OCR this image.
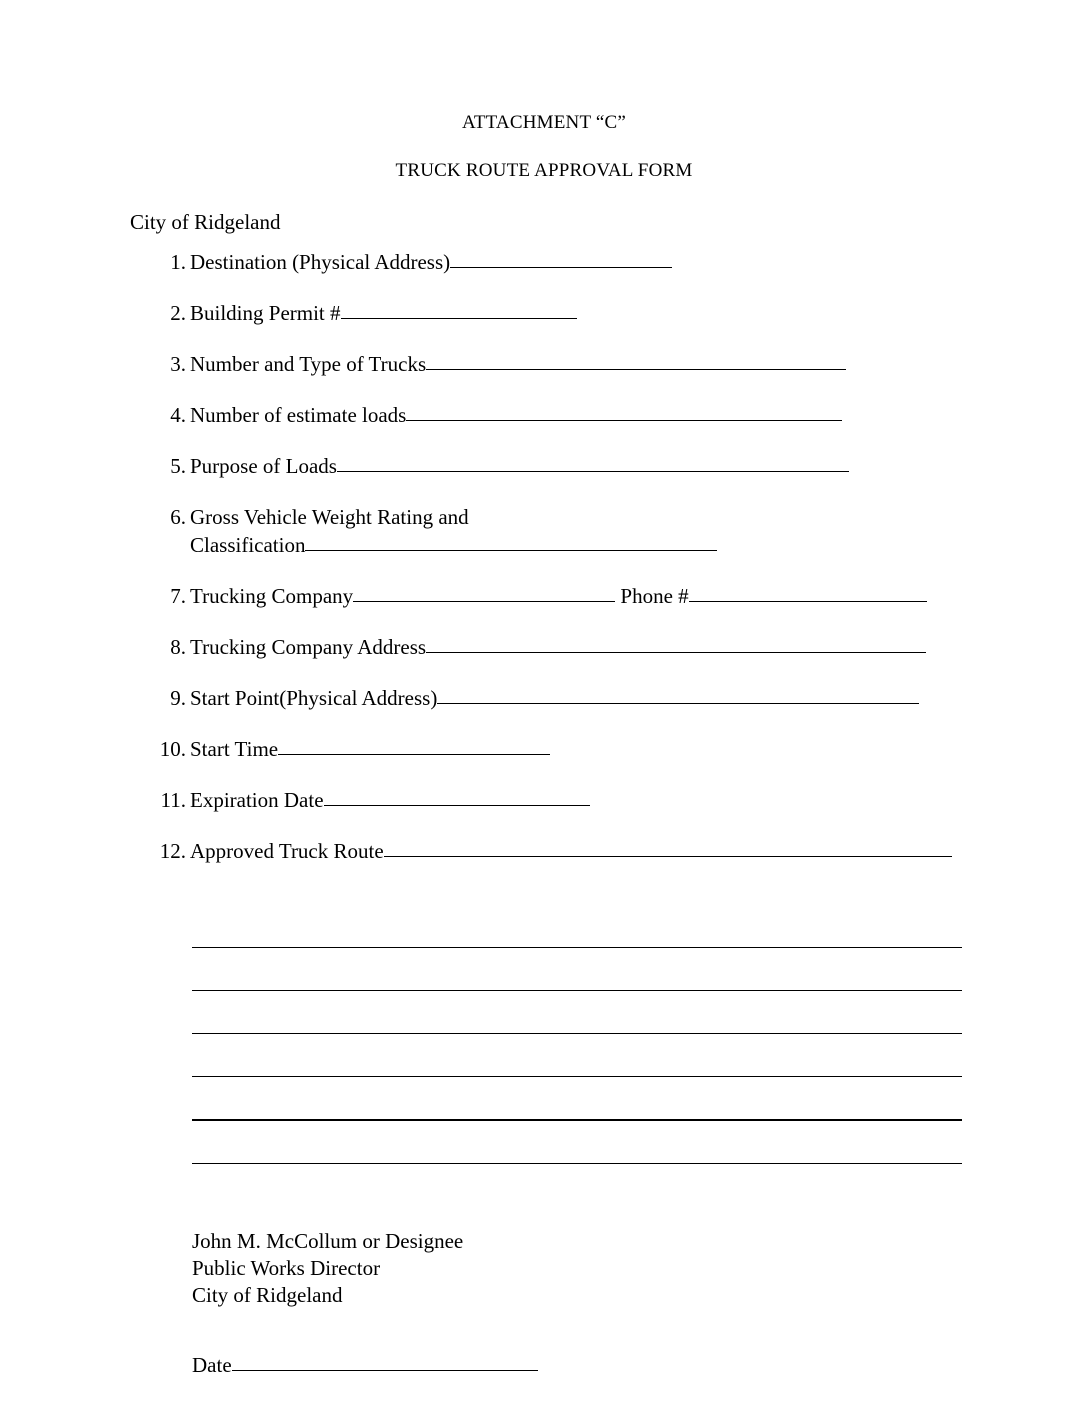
ATTACHMENT “C”
TRUCK ROUTE APPROVAL FORM
City of Ridgeland
1. Destination (Physical Address)
2. Building Permit #
3. Number and Type of Trucks
4. Number of estimate loads
5. Purpose of Loads
6. Gross Vehicle Weight Rating and
Classification
7. Trucking Company	Phone #
8. Trucking Company Address
9. Start Point(Physical Address)
10. Start Time
11. Expiration Date
12. Approved Truck Route
John M. McCollum or Designee
Public Works Director
City of Ridgeland
Date
